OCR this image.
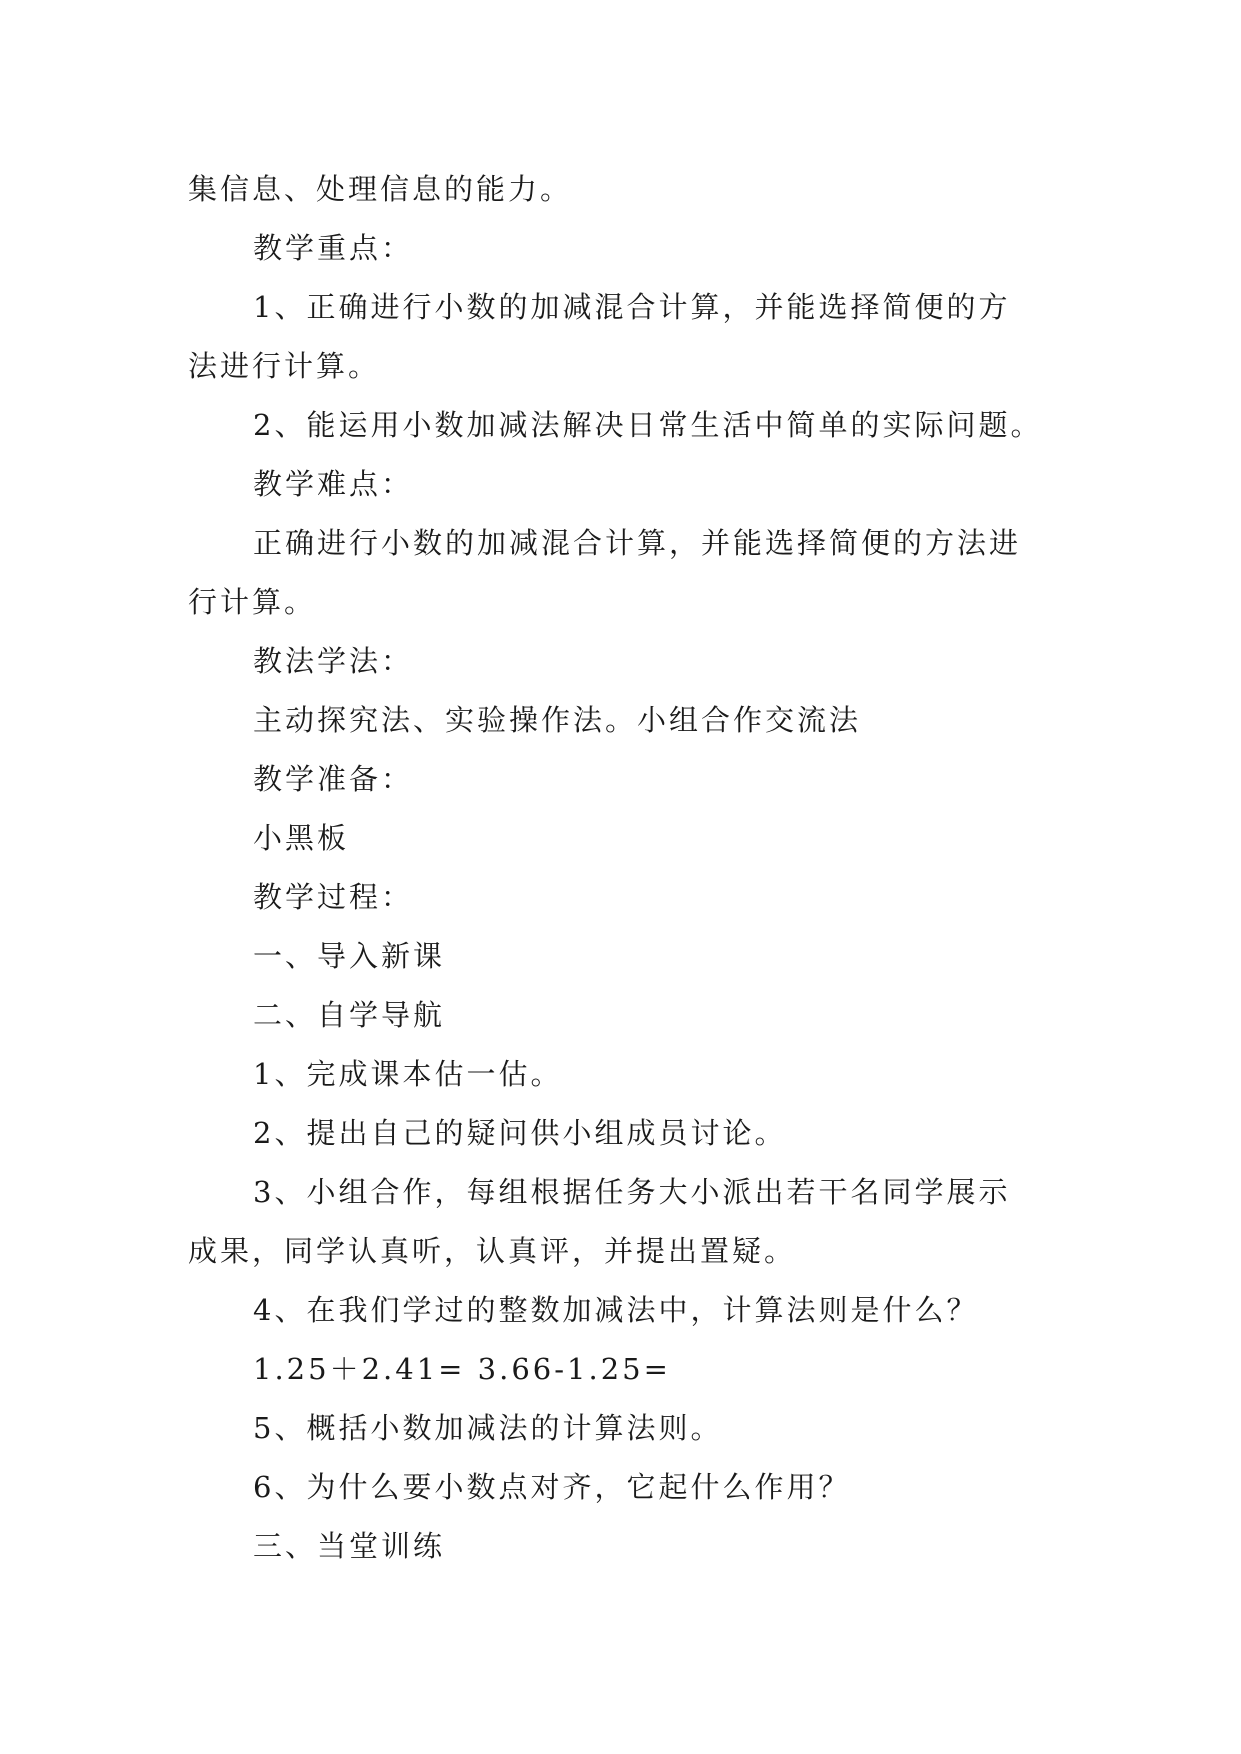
集信息、处理信息的能力。
教学重点：
1、正确进行小数的加减混合计算，并能选择简便的方
法进行计算。
2、能运用小数加减法解决日常生活中简单的实际问题。
教学难点：
正确进行小数的加减混合计算，并能选择简便的方法进
行计算。
教法学法：
主动探究法、实验操作法。小组合作交流法
教学准备：
小黑板
教学过程：
一、导入新课
二、自学导航
1、完成课本估一估。
2、提出自己的疑问供小组成员讨论。
3、小组合作，每组根据任务大小派出若干名同学展示
成果，同学认真听，认真评，并提出置疑。
4、在我们学过的整数加减法中，计算法则是什么？
1.25＋2.41= 3.66-1.25=
5、概括小数加减法的计算法则。
6、为什么要小数点对齐，它起什么作用？
三、当堂训练
